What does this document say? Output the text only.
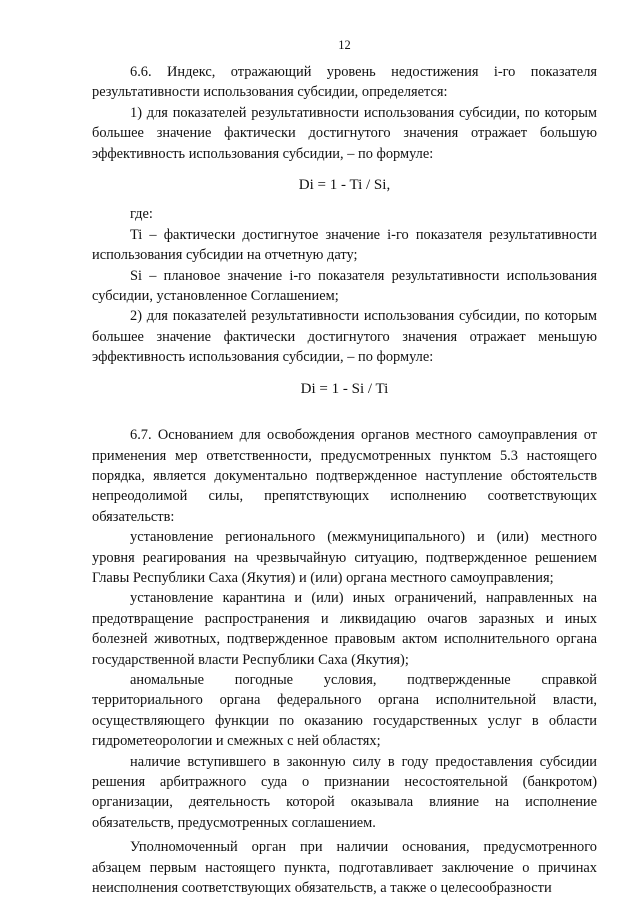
12

6.6. Индекс, отражающий уровень недостижения i-го показателя результативности использования субсидии, определяется:

1) для показателей результативности использования субсидии, по которым большее значение фактически достигнутого значения отражает большую эффективность использования субсидии, – по формуле:

Di = 1 - Ti / Si,

где:

Ti – фактически достигнутое значение i-го показателя результативности использования субсидии на отчетную дату;

Si – плановое значение i-го показателя результативности использования субсидии, установленное Соглашением;

2) для показателей результативности использования субсидии, по которым большее значение фактически достигнутого значения отражает меньшую эффективность использования субсидии, – по формуле:

Di = 1 - Si / Ti

6.7. Основанием для освобождения органов местного самоуправления от применения мер ответственности, предусмотренных пунктом 5.3 настоящего порядка, является документально подтвержденное наступление обстоятельств непреодолимой силы, препятствующих исполнению соответствующих обязательств:

установление регионального (межмуниципального) и (или) местного уровня реагирования на чрезвычайную ситуацию, подтвержденное решением Главы Республики Саха (Якутия) и (или) органа местного самоуправления;

установление карантина и (или) иных ограничений, направленных на предотвращение распространения и ликвидацию очагов заразных и иных болезней животных, подтвержденное правовым актом исполнительного органа государственной власти Республики Саха (Якутия);

аномальные погодные условия, подтвержденные справкой территориального органа федерального органа исполнительной власти, осуществляющего функции по оказанию государственных услуг в области гидрометеорологии и смежных с ней областях;

наличие вступившего в законную силу в году предоставления субсидии решения арбитражного суда о признании несостоятельной (банкротом) организации, деятельность которой оказывала влияние на исполнение обязательств, предусмотренных соглашением.

Уполномоченный орган при наличии основания, предусмотренного абзацем первым настоящего пункта, подготавливает заключение о причинах неисполнения соответствующих обязательств, а также о целесообразности
